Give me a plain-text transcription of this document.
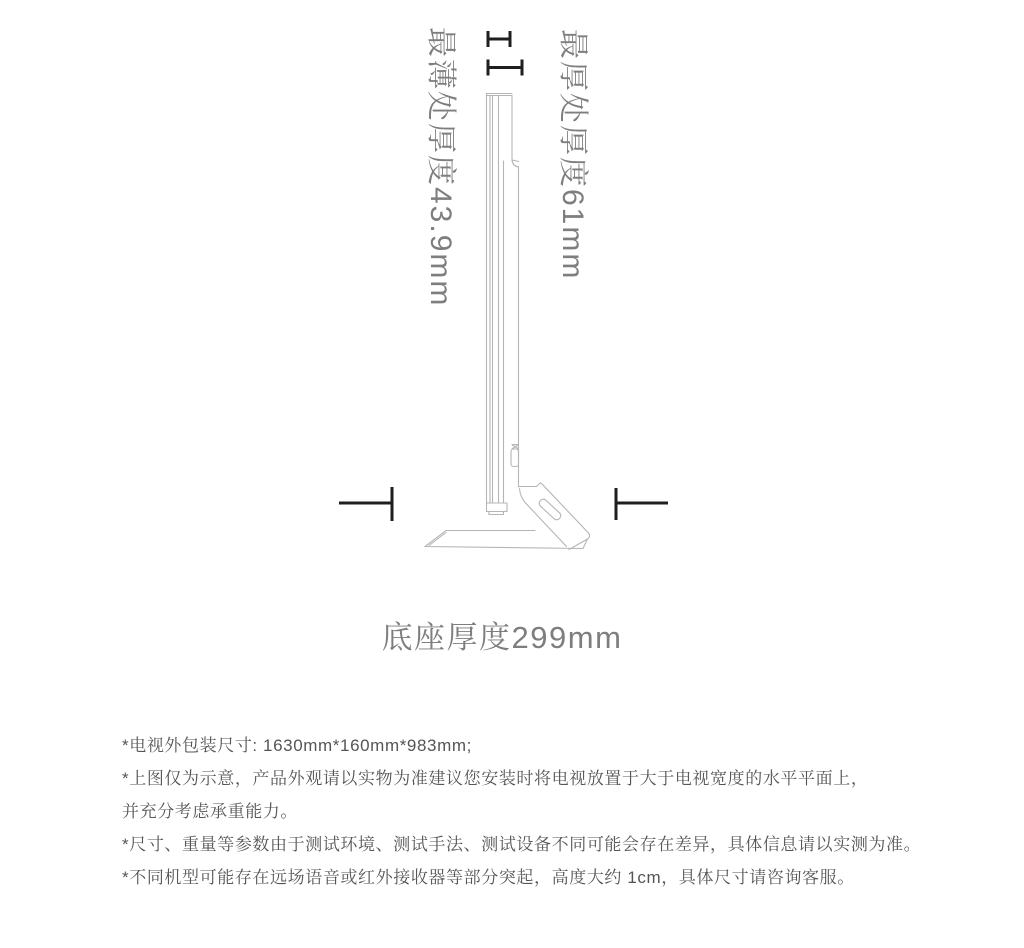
最薄处厚度43.9mm	最厚处厚度61mm
底座厚度299mm
*电视外包装尺寸: 1630mm*160mm*983mm;
*上图仅为示意，产品外观请以实物为准建议您安装时将电视放置于大于电视宽度的水平平面上，
并充分考虑承重能力。
*尺寸、重量等参数由于测试环境、测试手法、测试设备不同可能会存在差异，具体信息请以实测为准。
*不同机型可能存在远场语音或红外接收器等部分突起，高度大约 1cm，具体尺寸请咨询客服。
